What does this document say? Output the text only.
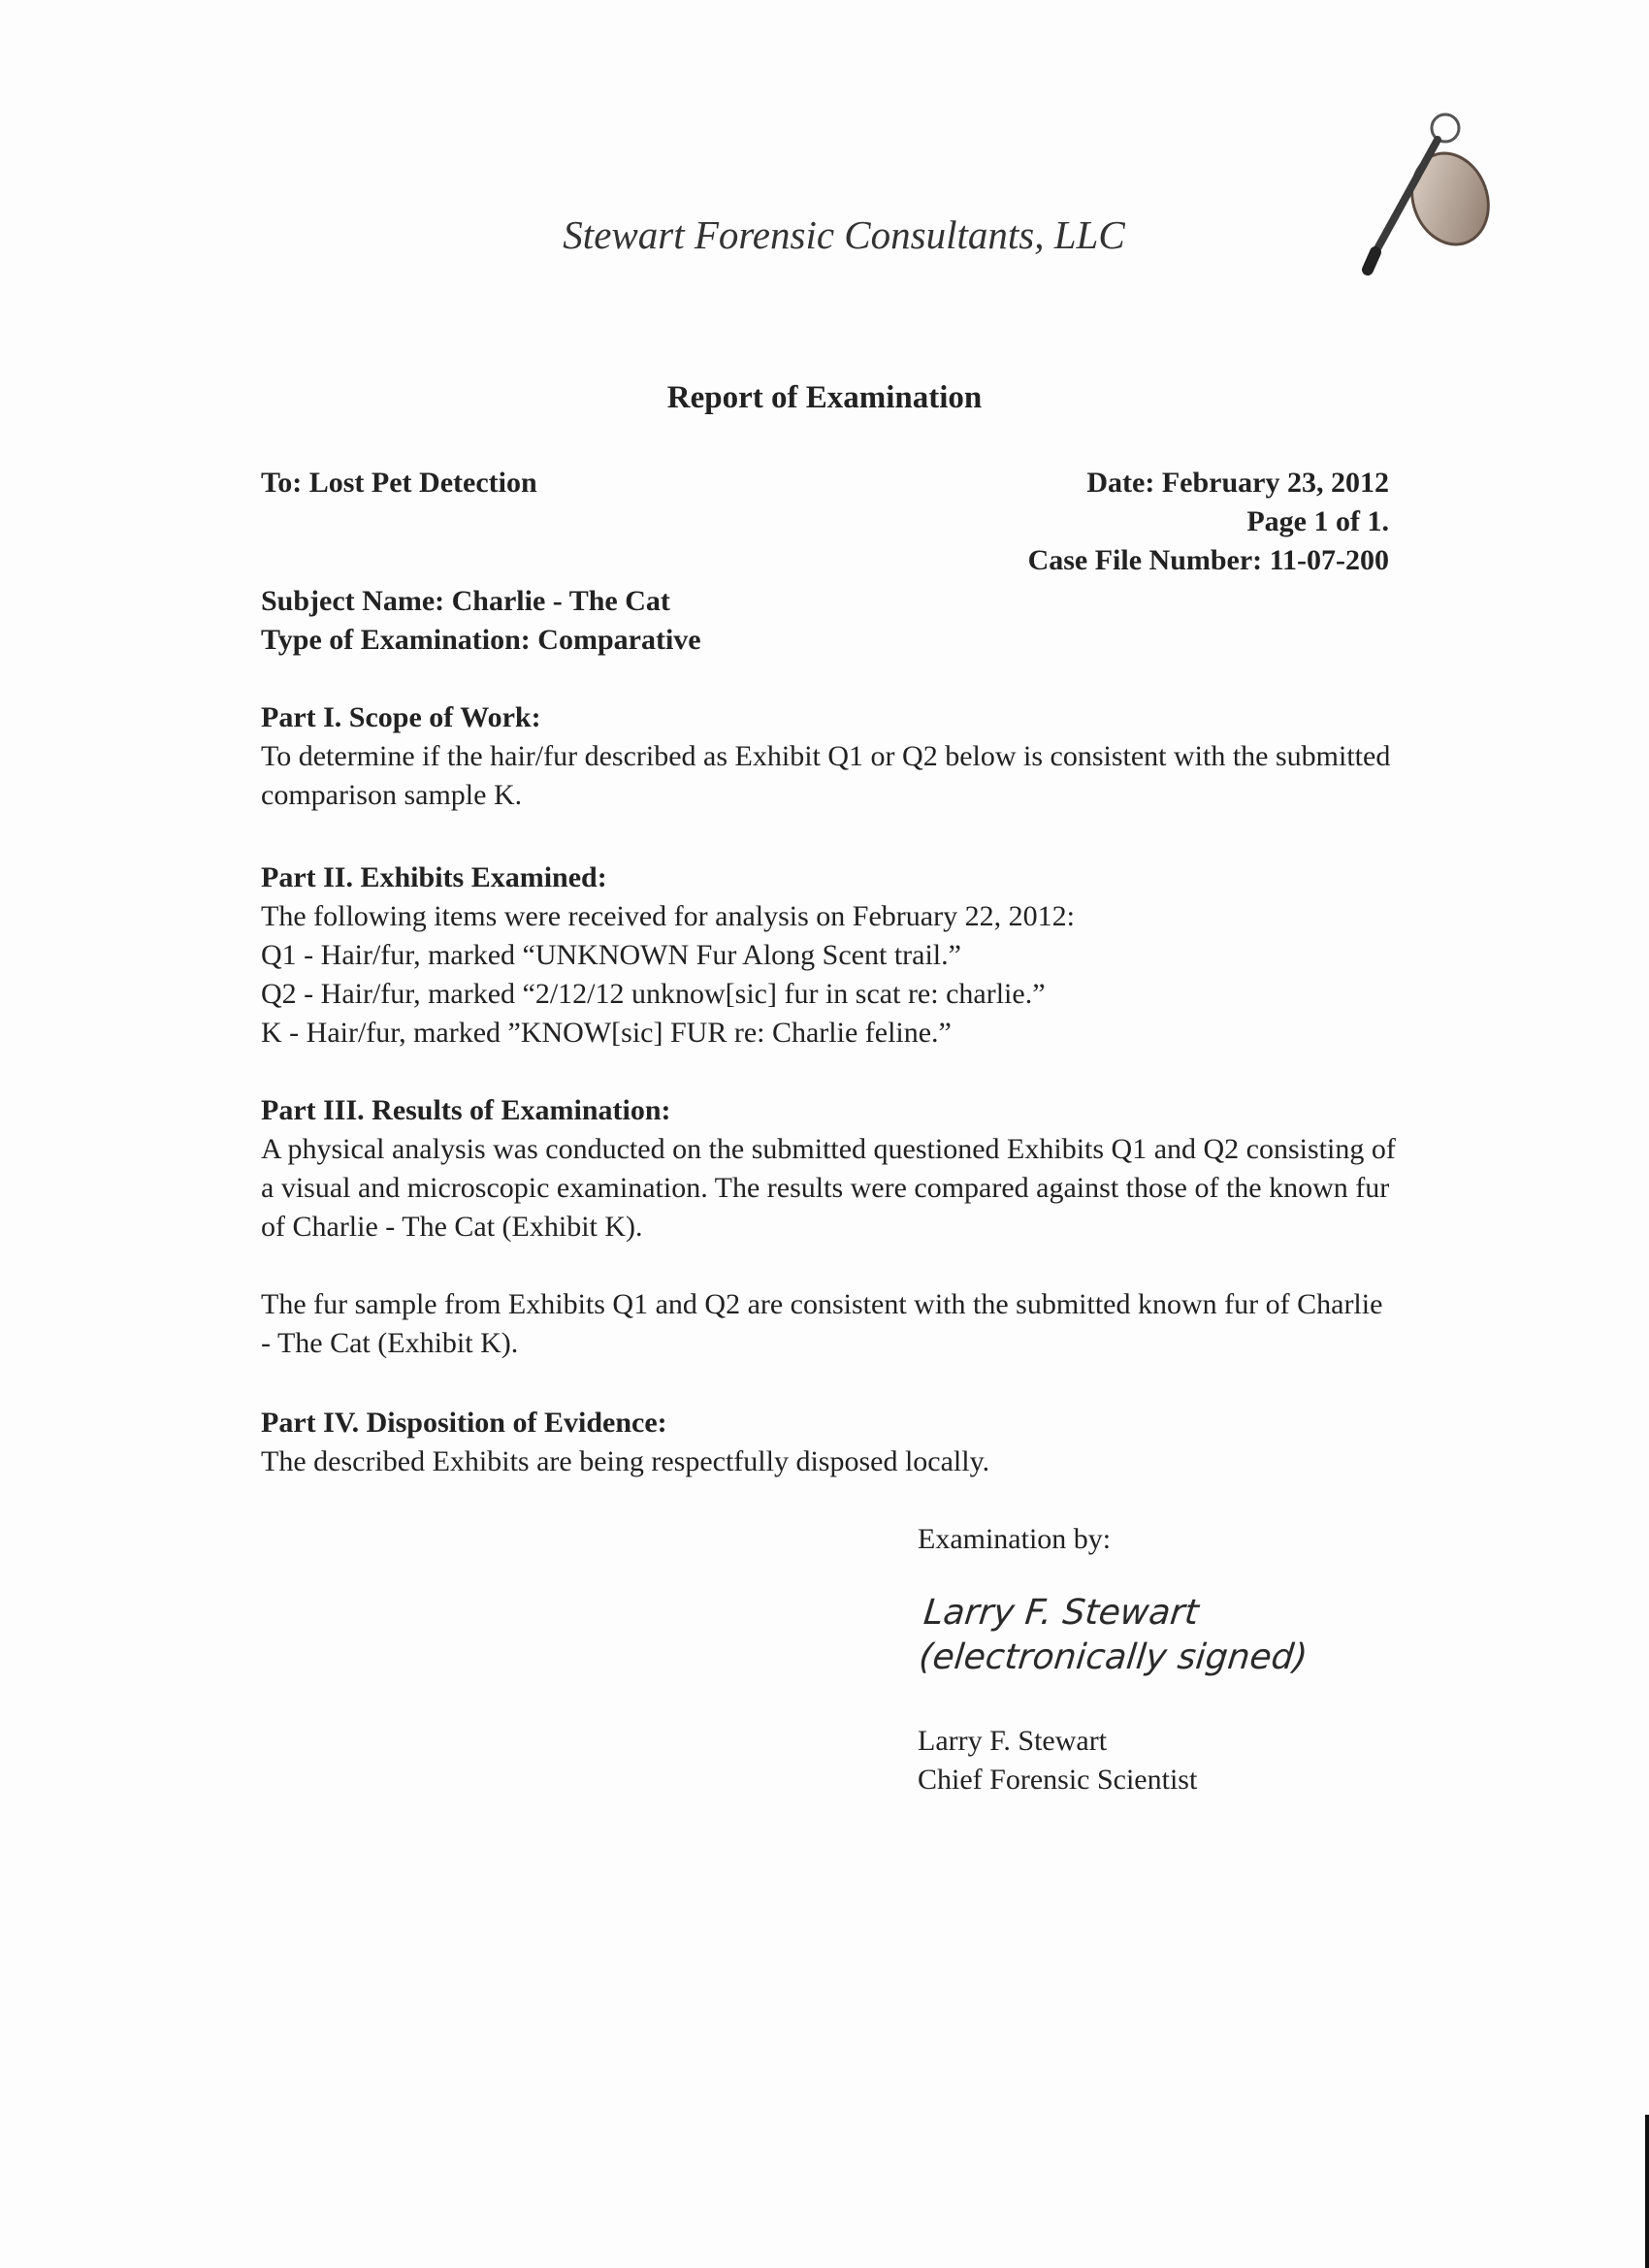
Stewart Forensic Consultants, LLC
Report of Examination
To: Lost Pet Detection	Date: February 23, 2012
Page 1 of 1.
Case File Number: 11-07-200
Subject Name: Charlie - The Cat
Type of Examination: Comparative

Part I. Scope of Work:

To determine if the hair/fur described as Exhibit Q1 or Q2 below is consistent with the submitted comparison sample K.

Part II. Exhibits Examined:

The following items were received for analysis on February 22, 2012:

Q1 - Hair/fur, marked “UNKNOWN Fur Along Scent trail.”

Q2 - Hair/fur, marked “2/12/12 unknow[sic] fur in scat re: charlie.”

K - Hair/fur, marked ”KNOW[sic] FUR re: Charlie feline.”

Part III. Results of Examination:

A physical analysis was conducted on the submitted questioned Exhibits Q1 and Q2 consisting of a visual and microscopic examination. The results were compared against those of the known fur of Charlie - The Cat (Exhibit K).

The fur sample from Exhibits Q1 and Q2 are consistent with the submitted known fur of Charlie - The Cat (Exhibit K).

Part IV. Disposition of Evidence:

The described Exhibits are being respectfully disposed locally.

Examination by:
Larry F. Stewart
(electronically signed)
Larry F. Stewart
Chief Forensic Scientist
